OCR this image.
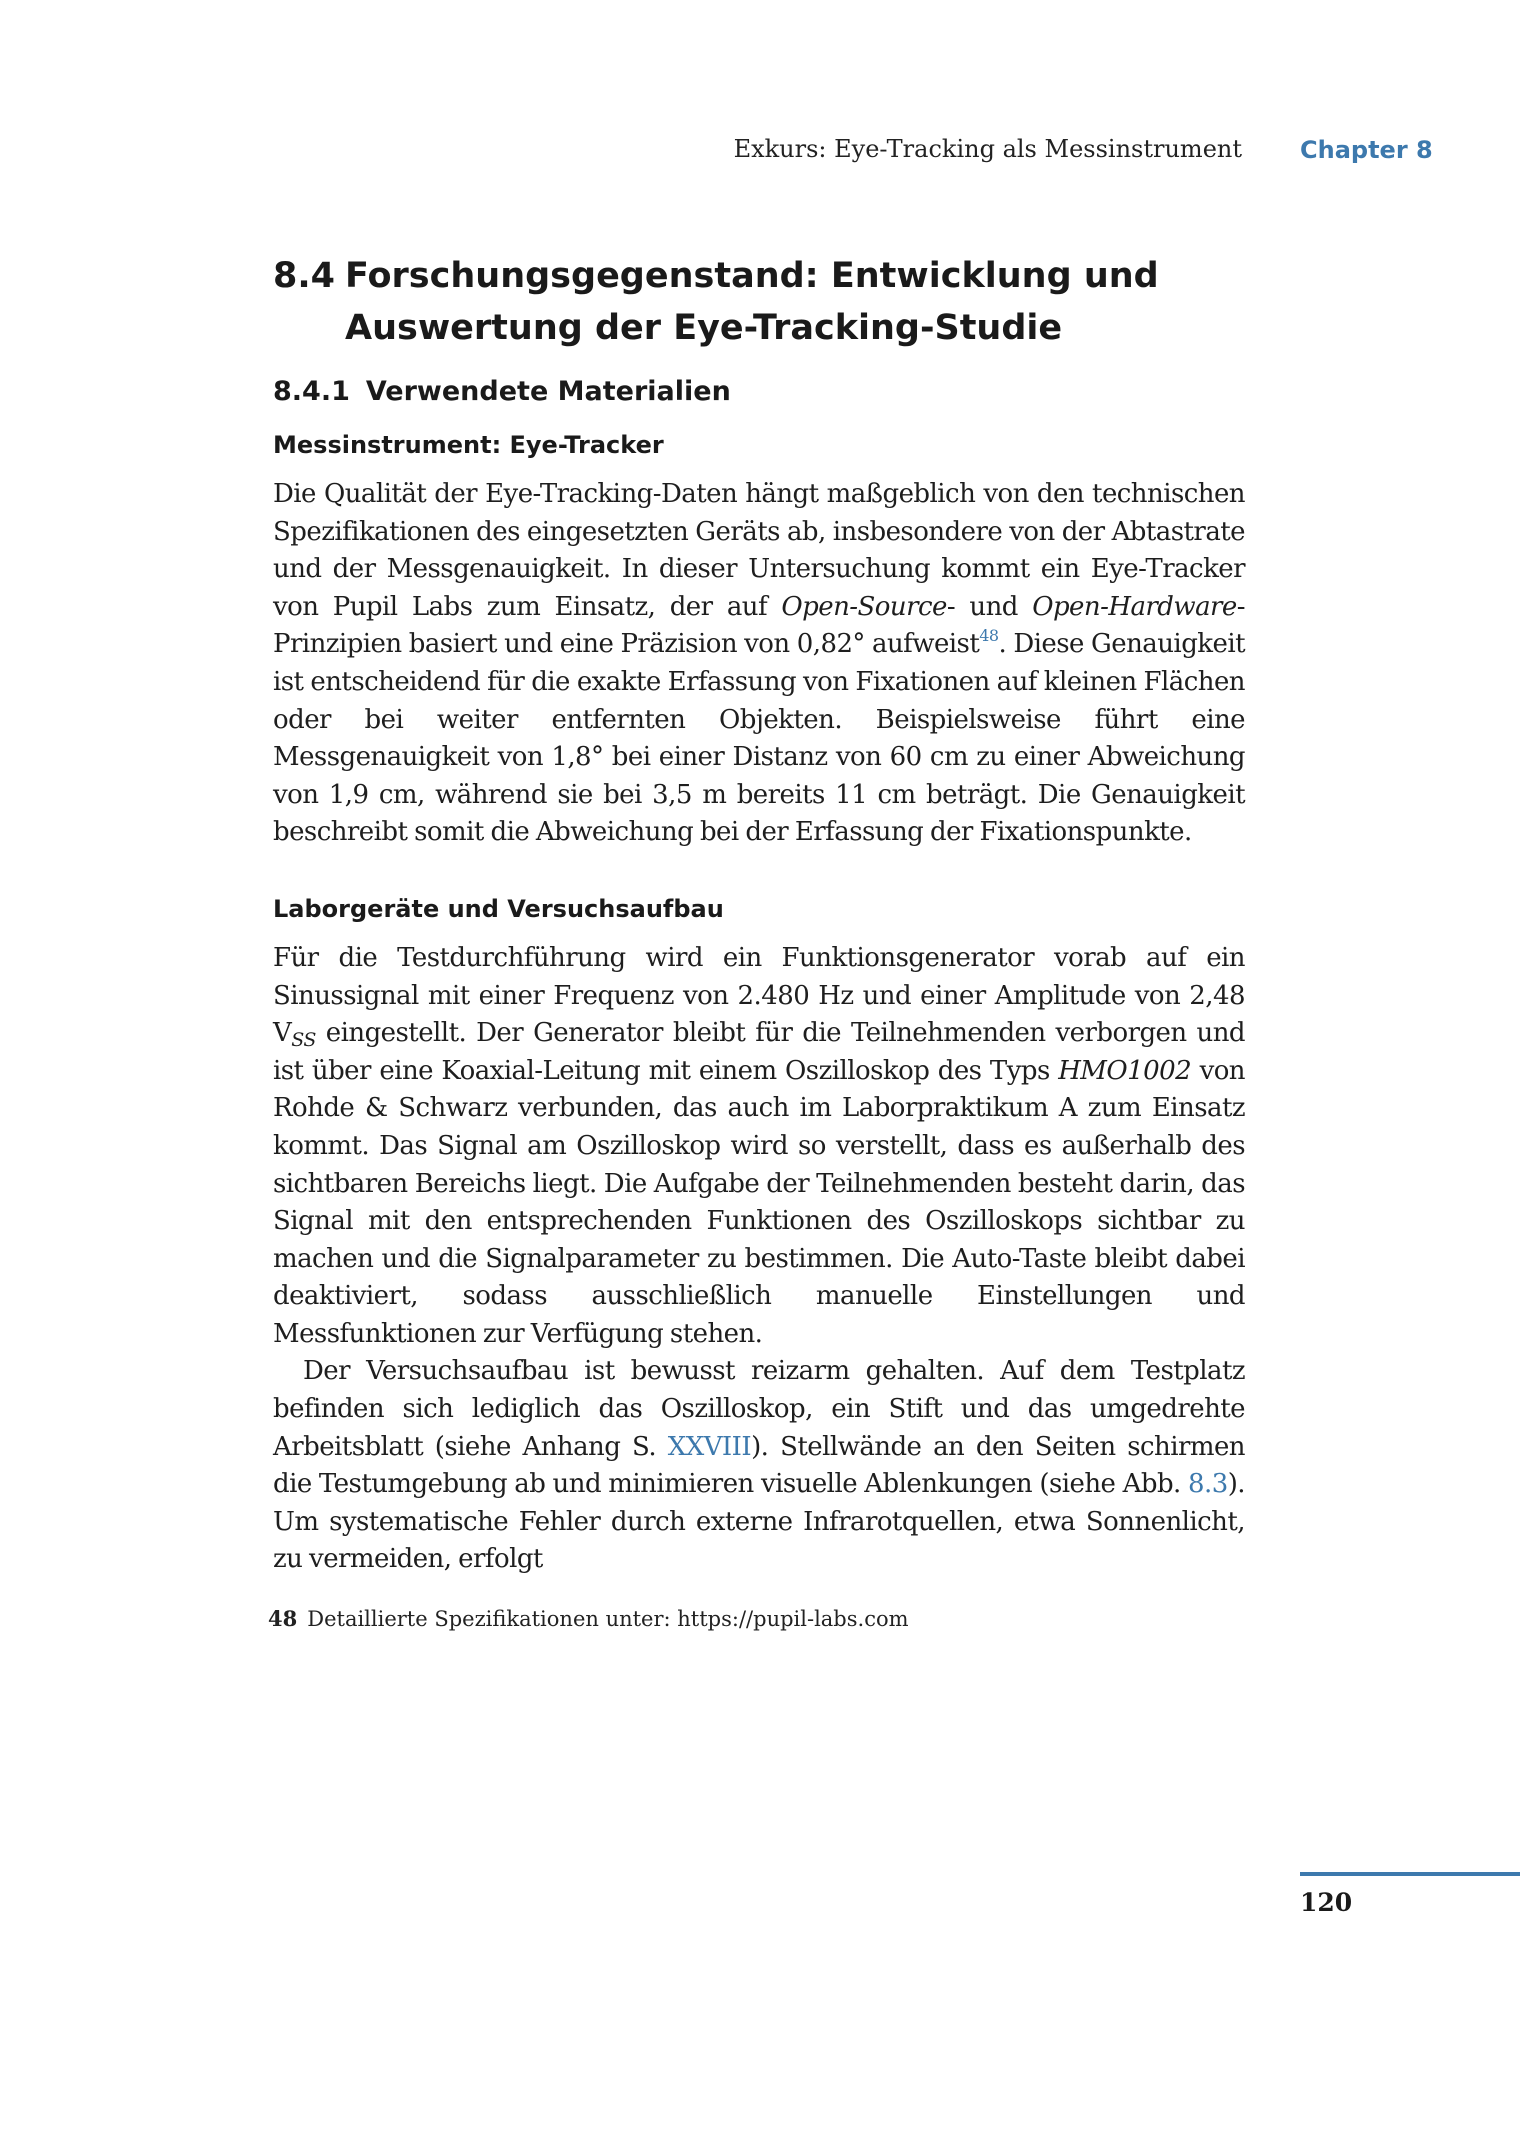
Exkurs: Eye-Tracking als Messinstrument Chapter 8
8.4 Forschungsgegenstand: Entwicklung und
Auswertung der Eye-Tracking-Studie
8.4.1 Verwendete Materialien
Messinstrument: Eye-Tracker

Die Qualität der Eye-Tracking-Daten hängt maßgeblich von den technischen Spezifikationen des eingesetzten Geräts ab, insbesondere von der Abtastrate und der Messgenauigkeit. In dieser Untersuchung kommt ein Eye-Tracker von Pupil Labs zum Einsatz, der auf Open-Source- und Open-Hardware-Prinzipien basiert und eine Präzision von 0,82° aufweist$^{48}$. Diese Genauigkeit ist entscheidend für die exakte Erfassung von Fixationen auf kleinen Flächen oder bei weiter entfernten Objekten. Beispielsweise führt eine Messgenauigkeit von 1,8° bei einer Distanz von 60 cm zu einer Abweichung von 1,9 cm, während sie bei 3,5 m bereits 11 cm beträgt. Die Genauigkeit beschreibt somit die Abweichung bei der Erfassung der Fixationspunkte.

Laborgeräte und Versuchsaufbau

Für die Testdurchführung wird ein Funktionsgenerator vorab auf ein Sinussignal mit einer Frequenz von 2.480 Hz und einer Amplitude von 2,48 $V_{SS}$ eingestellt. Der Generator bleibt für die Teilnehmenden verborgen und ist über eine Koaxial-Leitung mit einem Oszilloskop des Typs HMO1002 von Rohde & Schwarz verbunden, das auch im Laborpraktikum A zum Einsatz kommt. Das Signal am Oszilloskop wird so verstellt, dass es außerhalb des sichtbaren Bereichs liegt. Die Aufgabe der Teilnehmenden besteht darin, das Signal mit den entsprechenden Funktionen des Oszilloskops sichtbar zu machen und die Signalparameter zu bestimmen. Die Auto-Taste bleibt dabei deaktiviert, sodass ausschließlich manuelle Einstellungen und Messfunktionen zur Verfügung stehen.

Der Versuchsaufbau ist bewusst reizarm gehalten. Auf dem Testplatz befinden sich lediglich das Oszilloskop, ein Stift und das umgedrehte Arbeitsblatt (siehe Anhang S. XXVIII). Stellwände an den Seiten schirmen die Testumgebung ab und minimieren visuelle Ablenkungen (siehe Abb. 8.3). Um systematische Fehler durch externe Infrarotquellen, etwa Sonnenlicht, zu vermeiden, erfolgt

48 Detaillierte Spezifikationen unter: https://pupil-labs.com
120
